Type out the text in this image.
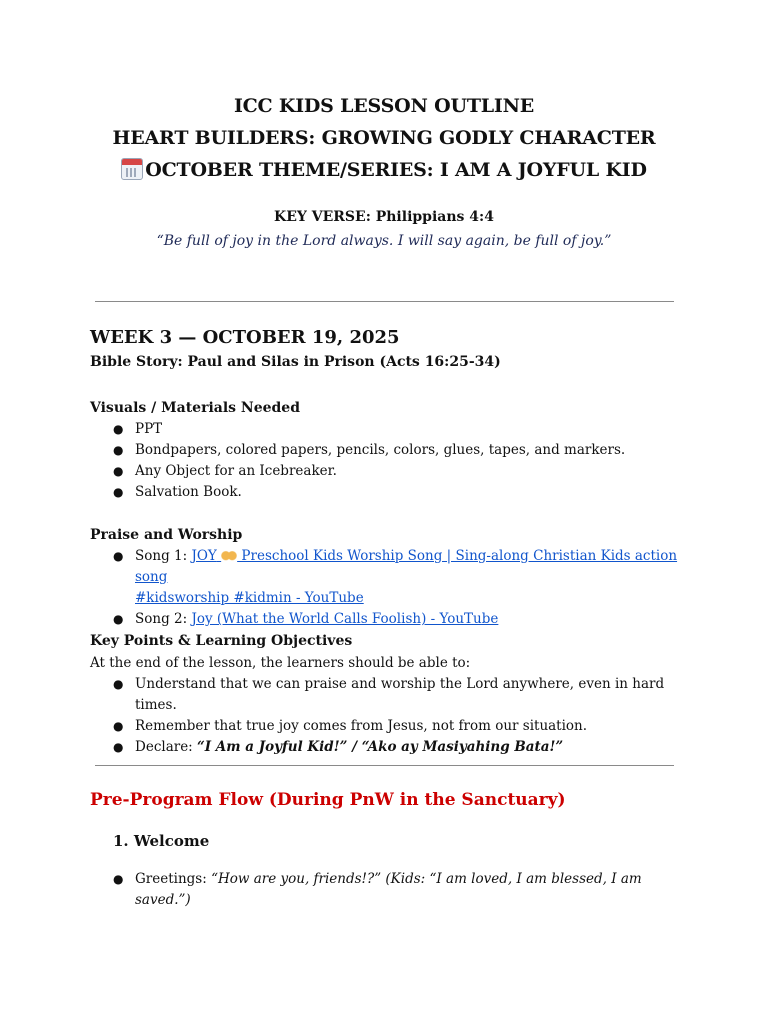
ICC KIDS LESSON OUTLINE
HEART BUILDERS: GROWING GODLY CHARACTER
OCTOBER THEME/SERIES: I AM A JOYFUL KID
KEY VERSE: Philippians 4:4
“Be full of joy in the Lord always. I will say again, be full of joy.”
WEEK 3 — OCTOBER 19, 2025
Bible Story: Paul and Silas in Prison (Acts 16:25-34)
Visuals / Materials Needed
● PPT
● Bondpapers, colored papers, pencils, colors, glues, tapes, and markers.
● Any Object for an Icebreaker.
● Salvation Book.
Praise and Worship
● Song 1: JOY  Preschool Kids Worship Song | Sing-along Christian Kids action song
#kidsworship #kidmin - YouTube
● Song 2: Joy (What the World Calls Foolish) - YouTube
Key Points & Learning Objectives
At the end of the lesson, the learners should be able to:
● Understand that we can praise and worship the Lord anywhere, even in hard times.
● Remember that true joy comes from Jesus, not from our situation.
● Declare: “I Am a Joyful Kid!” / “Ako ay Masiyahing Bata!”
Pre-Program Flow (During PnW in the Sanctuary)
1. Welcome
● Greetings: “How are you, friends!?” (Kids: “I am loved, I am blessed, I am saved.”)
